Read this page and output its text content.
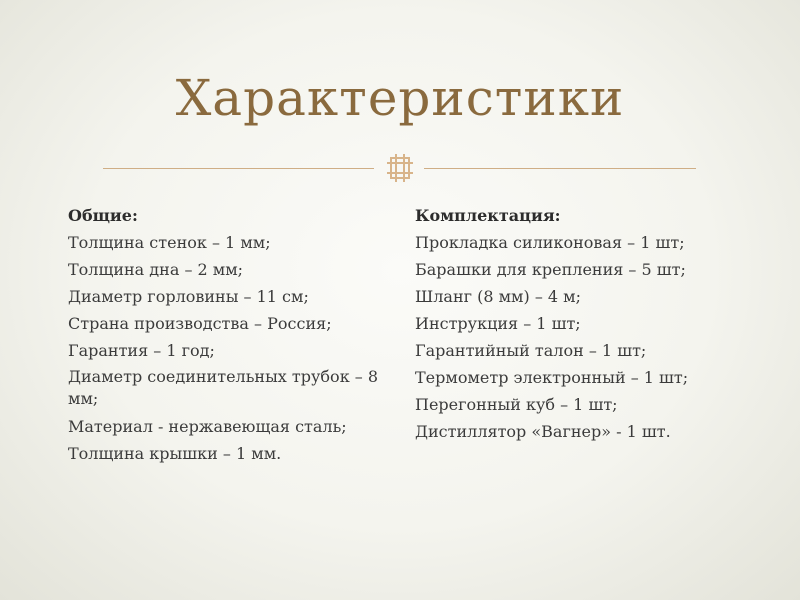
Характеристики
Общие:
Толщина стенок – 1 мм;
Толщина дна – 2 мм;
Диаметр горловины – 11 см;
Страна производства – Россия;
Гарантия – 1 год;
Диаметр соединительных трубок – 8 мм;
Материал - нержавеющая сталь;
Толщина крышки – 1 мм.
Комплектация:
Прокладка силиконовая – 1 шт;
Барашки для крепления – 5 шт;
Шланг (8 мм) – 4 м;
Инструкция – 1 шт;
Гарантийный талон – 1 шт;
Термометр электронный – 1 шт;
Перегонный куб – 1 шт;
Дистиллятор «Вагнер» - 1 шт.
